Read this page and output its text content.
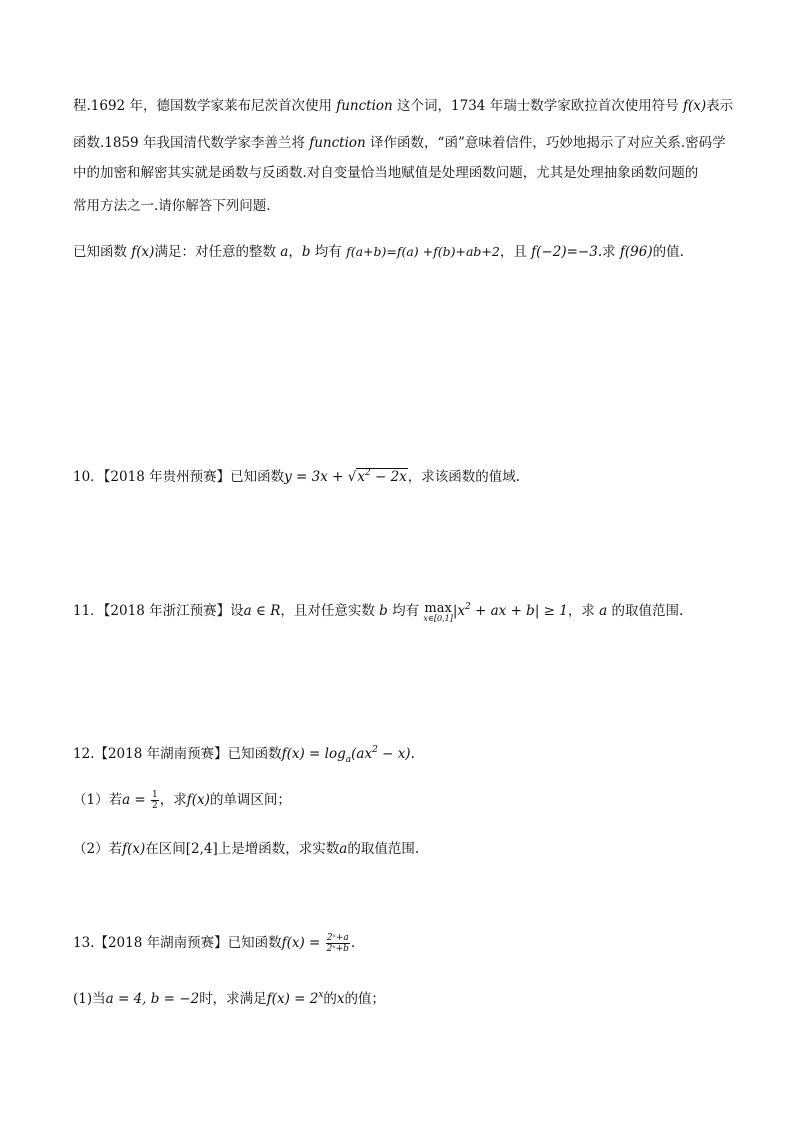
程.1692 年，德国数学家莱布尼茨首次使用 function 这个词，1734 年瑞士数学家欧拉首次使用符号 f(x)表示
函数.1859 年我国清代数学家李善兰将 function 译作函数，“函”意味着信件，巧妙地揭示了对应关系.密码学
中的加密和解密其实就是函数与反函数.对自变量恰当地赋值是处理函数问题，尤其是处理抽象函数问题的
常用方法之一.请你解答下列问题.
已知函数 f(x)满足：对任意的整数 a，b 均有 f(a+b)=f(a) +f(b)+ab+2，且 f(−2)=−3.求 f(96)的值.
10．【2018 年贵州预赛】已知函数$y = 3x + √x^2 - 2x$，求该函数的值域.
11．【2018 年浙江预赛】设a ∈ R，且对任意实数 b 均有 max
x∈[0,1] $|x^2$ + ax + b| ≥ 1，求 a 的取值范围.
12.【2018 年湖南预赛】已知函数$f(x) = \log_a(ax^2 - x)$.
（1）若$a = \frac{1}{2}$ ，求f(x)的单调区间；
（2）若f(x)在区间[2,4]上是增函数，求实数a的取值范围.
13.【2018 年湖南预赛】已知函数$f(x) = \frac{\text{2ˣ+a}}{\text{2ˣ+b}}$ .
(1)当a = 4, b = −2时，求满足$f(x) = 2^x$的x的值；
